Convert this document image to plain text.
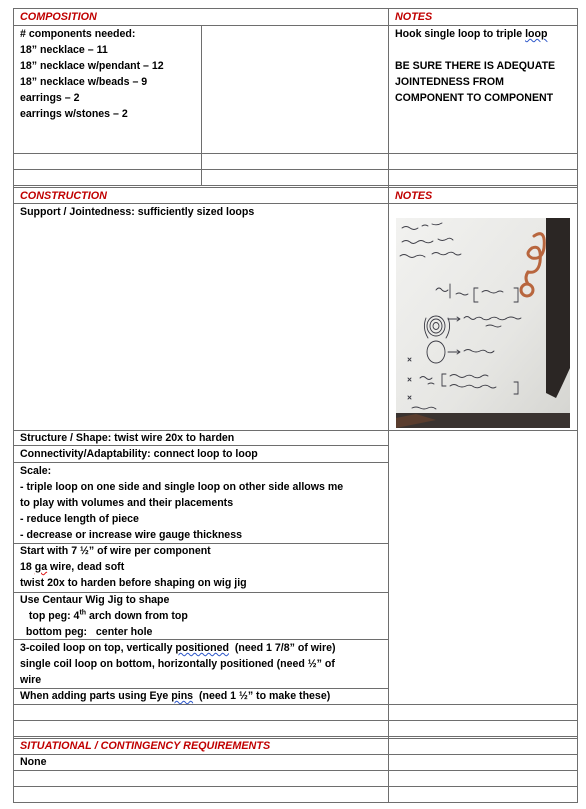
COMPOSITION	NOTES
# components needed:
18” necklace – 11
18” necklace w/pendant – 12
18” necklace w/beads – 9
earrings – 2
earrings w/stones – 2
Hook single loop to triple loop
BE SURE THERE IS ADEQUATE
JOINTEDNESS FROM
COMPONENT TO COMPONENT
CONSTRUCTION	NOTES
Support / Jointedness: sufficiently sized loops
Structure / Shape: twist wire 20x to harden
Connectivity/Adaptability: connect loop to loop
Scale:
- triple loop on one side and single loop on other side allows me
to play with volumes and their placements
- reduce length of piece
- decrease or increase wire gauge thickness
Start with 7 ½” of wire per component
18 ga wire, dead soft
twist 20x to harden before shaping on wig jig
Use Centaur Wig Jig to shape
top peg: 4th arch down from top
bottom peg:   center hole
3-coiled loop on top, vertically positioned  (need 1 7/8” of wire)
single coil loop on bottom, horizontally positioned (need ½” of
wire
When adding parts using Eye pins  (need 1 ½” to make these)
SITUATIONAL / CONTINGENCY REQUIREMENTS
None
